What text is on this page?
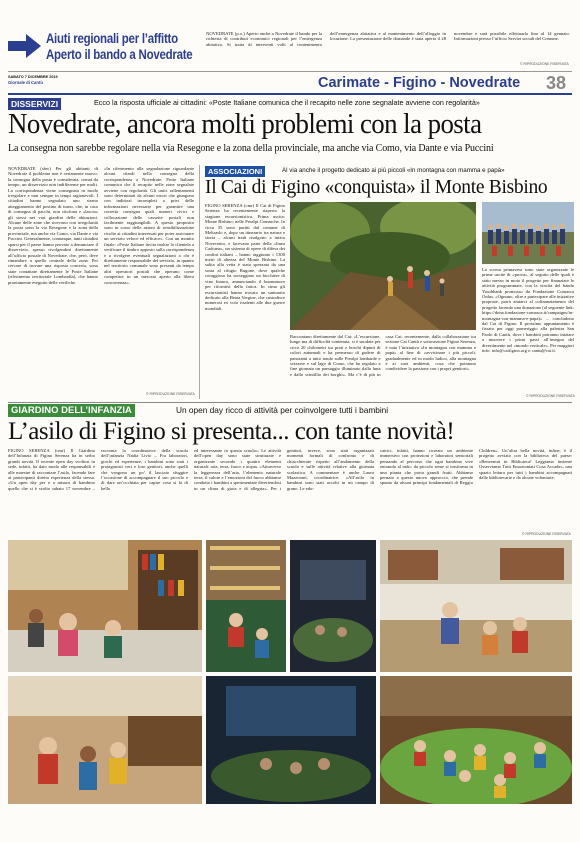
Aiuti regionali per l’affitto
Aperto il bando a Novedrate
NOVEDRATE (p.o.) Aperto anche a Novedrate il bando per la richiesta di contributi economici regionali per l’emergenza abitativa. Si tratta di interventi volti al contenimento dell’emergenza abitativa e al mantenimento dell’alloggio in locazione. La presentazione delle domande è stata aperta il 28 novembre e sarà possibile effettuarla fino al 14 gennaio. Informazioni presso l’ufficio Servizi sociali del Comune.
© RIPRODUZIONE RISERVATA
SABATO 7 DICEMBRE 2019
Giornale di Cantù	Carimate - Figino - Novedrate 38
DISSERVIZI	Ecco la risposta ufficiale ai cittadini: «Poste Italiane comunica che il recapito nelle zone segnalate avviene con regolarità»
Novedrate, ancora molti problemi con la posta
La consegna non sarebbe regolare nella via Resegone e la zona della provinciale, ma anche via Como, via Dante e via Puccini
NOVEDRATE (sbw) Per gli abitanti di Novedrate il problema non è certamente nuovo: la consegna della posta è considerata, ormai da tempo, un disservizio non indifferente per molti. La corrispondenza viene consegnata in modo irregolare e non sempre in tempi ragionevoli. I cittadini hanno segnalato uno strano atteggiamento del postino di turno, che, in caso di consegna di pacchi, non citofona e «lascia» gli stessi nei vari giardini delle abitazioni. Alcune delle zone che ricevono con irregolarità la posta sono la via Resegone e la zona della provinciale, ma anche via Como, via Dante e via Puccini. Generalmente, comunque, tanti cittadini sparsi per il paese hanno provato a denunciare il disservizio, spesso rivolgendosi direttamente all’ufficio postale di Novedrate, che, però, deve rimandare a quello centrale della zona. Per cercare di trovare una risposta concreta, sono state contattate direttamente le Poste Italiane (riferimento territoriale Lombardia), che hanno prontamente eseguito delle verifiche.
«In riferimento alla segnalazione riguardante alcuni ritardi nella consegna della corrispondenza a Novedrate, Poste Italiane comunica che il recapito nelle zone segnalate avviene con regolarità. Gli unici rallentamenti sono determinati da alcuni errori che giungono con indirizzi incompleti o privi delle informazioni necessarie per garantire una corretta consegna quali numeri civici e collocazione delle cassette postali non facilmente raggiungibili. A questo proposito sono in corso delle azioni di sensibilizzazione rivolte ai cittadini interessati per poter assicurare un servizio veloce ed efficace». Con un monito finale: «Poste Italiane invita inoltre la clientela a verificare il timbro apposto sulla corrispondenza e a rivolgere eventuali segnalazioni a chi è direttamente responsabile del servizio, in quanto nel territorio comunale sono presenti da tempo altri operatori postali che operano come competitor in un mercato aperto alla libera concorrenza».
© RIPRODUZIONE RISERVATA
ASSOCIAZIONI	Al via anche il progetto dedicato ai più piccoli «In montagna con mamma e papà»
Il Cai di Figino «conquista» il Monte Bisbino
FIGINO SERENZA (cmr) Il Cai di Figino Serenza ha recentemente riaperto la stagione escursionistica. Prima uscita: Monte Bisbino, nelle Prealpi Comasche. In circa 35 sono partiti dal comune di Meltraslo e, dopo un itinerario tra natura e storia – alcuni tratti risalgono a inizio Novecento, e facevano parte della «linea Cadorna», un sistema di opere di difesa dei confini italiani – hanno raggiunto i 1300 metri di altezza del Monte Bisbino. La salita alla vetta è stata spezzata da una sosta al rifugio Bugone, dove qualche coraggioso ha sorseggiato un bicchiere di vino bianco, annunciando il buonumore per rifornirsi della fatica. In cima gli escursionisti hanno trovato un santuario dedicato alla Beata Vergine, che custodisce numerosi ex voto risalenti alle due guerre mondiali.
Raccontano direttamente dal Cai: «L’escursione, lungo ma di difficoltà contenuta, si è snodata per circa 20 chilometri tra prati e boschi dipinti di colori autunnali e ha permesso di godere di panorami a tutto tondo sulle Prealpi lombarde e svizzere e sul lago di Como, che ha regalato a fine giornata un paesaggio illuminato dalla luna e dallo scintillio dei borghi». Ma c’è di più in casa Cai: recentemente, dalla collaborazione tra sezione Cai Cantù e sottosezione Figino Serenza, è nata l’iniziativa «In montagna con mamma e papà» al fine di «avvicinare i più piccoli, gradualmente ed in modo ludico, alla montagna e ai suoi ambienti, cosa che potranno condividere la passione con i propri genitori».
La scorsa primavera sono state organizzate le prime uscite di «prova», al seguito delle quali è stato messo in moto il progetto per finanziare le attività programmate, con la vincita del bando Youthbank promosso da Fondazione Comasca Onlus. «Ognuno, oltre a partecipare alle iniziative proposte, potrà aiutarci al cofinanziamento del progetto facendo una donazione (al seguente link: https://dona.fondazione-comasca.it/campaigns/in-montagna-con-mamma-e-papa)» – concludono dal Cai di Figino. Il prossimo appuntamento è fissato per oggi pomeriggio alla palestra San Paolo di Cantù, dove i bambini potranno iniziare a muovere i primi passi all’insegna del divertimento nel «mondo verticale». Per maggiori info: info@caifigino.org o cantu@cai.it.
© RIPRODUZIONE RISERVATA
GIARDINO DELL’INFANZIA	Un open day ricco di attività per coinvolgere tutti i bambini
L’asilo di Figino si presenta... con tante novità!
FIGINO SERENZA (cmr) Il Giardino dell’Infanzia di Figino Serenza ha in serbo grandi novità. Il recente open day svoltosi in sede, infatti, ha dato modo alle responsabili e alle maestre di raccontare l’asilo, facendo fare ai partecipanti diretta esperienza della stessa. «Un open day per e a misura di bambino quello che si è svolto sabato 17 novembre – racconta la coordinatrice della scuola dell’infanzia Nadia Livio – Fra laboratori, giochi ed esperienze, i bambini sono stati i protagonisti veri e loro genitori, anche quelli che vengono un po’ il lasciato sfuggire l’occasione di accompagnare il suo piccolo e di dare un’occhiata per capire cosa si fa di bello
ed interessante in questa scuola». Le attività dell’open day sono state strutturate e organizzate secondo i quattro elementi naturali: aria, terra, fuoco e acqua. «Attraverso la leggerezza dell’aria, l’elemento naturale terra, il calore e l’emozioni del fuoco abbiamo condotto i bambini a sperimentare divertendosi in un clima di gioia e di allegria». Per i genitori, invece, sono stati organizzati momenti formali di confronto e di chiacchierate rispetto all’andamento della scuola e sulle attività relative alla giornata scolastica. A commentare è anche Laura Mazzorani, coordinatrice: «All’asilo in bambini sono stati accolti in un campo di grano. Le edu-
catrici, infatti, hanno ricreato un ambiente immersivo con proiezioni e laboratori sensoriali pensando al percorso che ogni bambino vive entrando al nido: da piccolo seme si trasforma in una pianta che porta grandi frutti. Abbiamo pensato a questo nuovo approccio, che prende spunto da alcuni principi fondamentali di Reggio Children». Un’altra bella novità, infine, è il progetto avviato con la biblioteca del paese: «Benvenuti in Biblioteca! Leggiamo insieme Osserviamo Tutti Emozioniati Cosa Accade», una spazio lettura per tutti i bambini accompagnati dalle bibliotecarie e da alcune volontarie.
© RIPRODUZIONE RISERVATA
